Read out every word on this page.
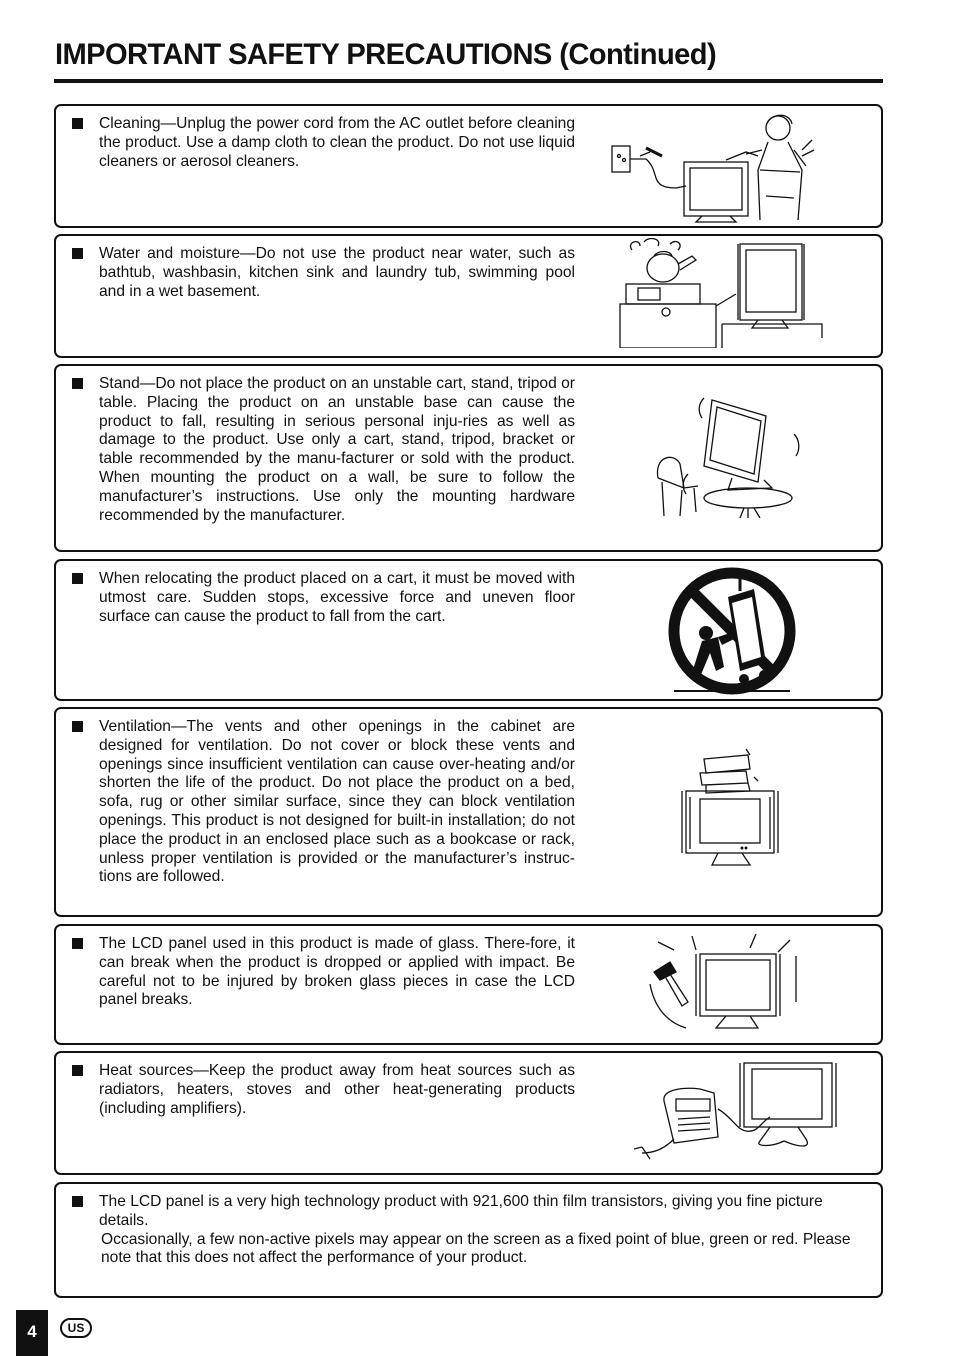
IMPORTANT SAFETY PRECAUTIONS (Continued)

Cleaning—Unplug the power cord from the AC outlet before cleaning the product. Use a damp cloth to clean the product. Do not use liquid cleaners or aerosol cleaners.

Water and moisture—Do not use the product near water, such as bathtub, washbasin, kitchen sink and laundry tub, swimming pool and in a wet basement.

Stand—Do not place the product on an unstable cart, stand, tripod or table. Placing the product on an unstable base can cause the product to fall, resulting in serious personal inju-ries as well as damage to the product. Use only a cart, stand, tripod, bracket or table recommended by the manu-facturer or sold with the product. When mounting the product on a wall, be sure to follow the manufacturer’s instructions. Use only the mounting hardware recommended by the manufacturer.

When relocating the product placed on a cart, it must be moved with utmost care. Sudden stops, excessive force and uneven floor surface can cause the product to fall from the cart.

Ventilation—The vents and other openings in the cabinet are designed for ventilation. Do not cover or block these vents and openings since insufficient ventilation can cause over-heating and/or shorten the life of the product. Do not place the product on a bed, sofa, rug or other similar surface, since they can block ventilation openings. This product is not designed for built-in installation; do not place the product in an enclosed place such as a bookcase or rack, unless proper ventilation is provided or the manufacturer’s instruc-tions are followed.

The LCD panel used in this product is made of glass. There-fore, it can break when the product is dropped or applied with impact. Be careful not to be injured by broken glass pieces in case the LCD panel breaks.

Heat sources—Keep the product away from heat sources such as radiators, heaters, stoves and other heat-generating products (including amplifiers).

The LCD panel is a very high technology product with 921,600 thin film transistors, giving you fine picture details.

Occasionally, a few non-active pixels may appear on the screen as a fixed point of blue, green or red. Please note that this does not affect the performance of your product.

4	US
